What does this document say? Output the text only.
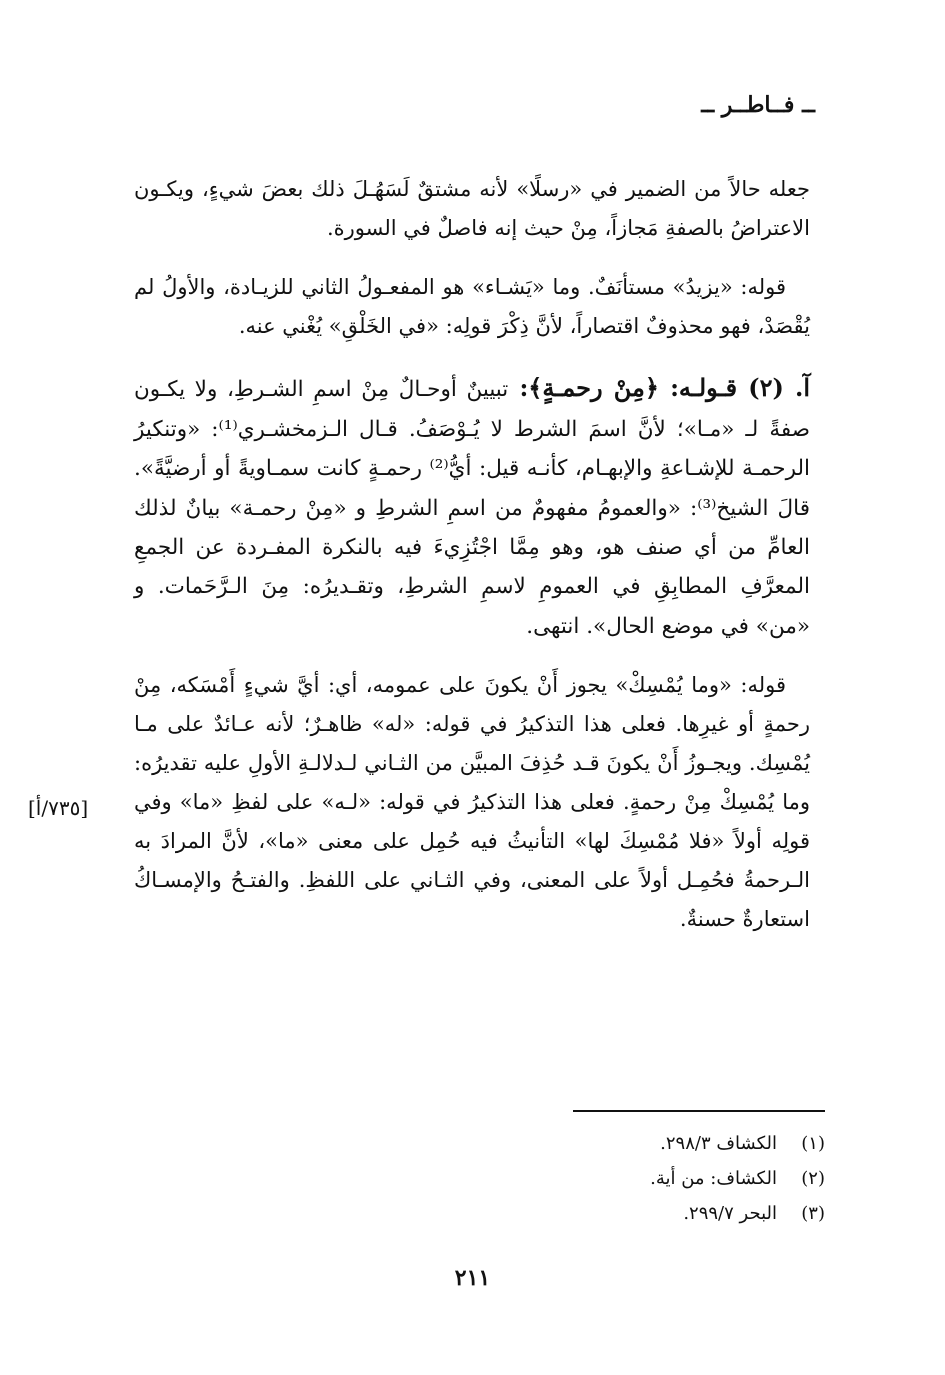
ــ فــاطــر ــ

جعله حالاً من الضمير في «رسلًا» لأنه مشتقٌ لَسَهُـلَ ذلك بعضَ شيءٍ، ويكـون الاعتراضُ بالصفةِ مَجازاً، مِنْ حيث إنه فاصلٌ في السورة.

قوله: «يزيدُ» مستأنَفٌ. وما «يَشـاء» هو المفعـولُ الثاني للزيـادة، والأولُ لم يُقْصَدْ، فهو محذوفٌ اقتصاراً، لأنَّ ذِكْرَ قولِه: «في الخَلْقِ» يُغْني عنه.

آ. (٢) قـولـه: ﴿مِنْ رحمـةٍ﴾: تبيينٌ أوحـالٌ مِنْ اسمِ الشـرطِ، ولا يكـون صفةً لـ «مـا»؛ لأنَّ اسمَ الشرط لا يُـوْصَفُ. قـال الـزمخشـري⁽¹⁾: «وتنكيرُ الرحمـة للإشـاعةِ والإبهـام، كأنـه قيل: أيُّ⁽²⁾ رحمـةٍ كانت سمـاويةً أو أرضيَّةً». قالَ الشيخ⁽³⁾: «والعمومُ مفهومٌ من اسمِ الشرطِ و «مِنْ رحمـة» بيانٌ لذلك العامِّ من أي صنف هو، وهو مِمَّا اجْتُزِيءَ فيه بالنكرة المفـردة عن الجمعِ المعرَّفِ المطابِقِ في العمومِ لاسمِ الشرطِ، وتقـديرُه: مِنَ الـرَّحَمات. و «من» في موضع الحال». انتهى.

قوله: «وما يُمْسِكْ» يجوز أَنْ يكونَ على عمومه، أي: أيَّ شيءٍ أَمْسَكه، مِنْ رحمةٍ أو غيرِها. فعلى هذا التذكيرُ في قوله: «له» ظاهـرٌ؛ لأنه عـائدٌ على مـا يُمْسِك. ويجـوزُ أَنْ يكونَ قـد حُذِفَ المبيَّن من الثـاني لـدلالـةِ الأولِ عليه تقديرُه: وما يُمْسِكْ مِنْ رحمةٍ. فعلى هذا التذكيرُ في قوله: «لـه» على لفظِ «ما» وفي قولِه أولاً «فلا مُمْسِكَ لها» التأنيثُ فيه حُمِل على معنى «ما»، لأنَّ المرادَ به الـرحمةُ فحُمِـل أولاً على المعنى، وفي الثـاني على اللفظِ. والفتـحُ والإمسـاكُ استعارةٌ حسنةٌ.

[٧٣٥/أ]
(١)
الكشاف ٢٩٨/٣.
(٢)
الكشاف: من أية.
(٣)
البحر ٢٩٩/٧.
٢١١
